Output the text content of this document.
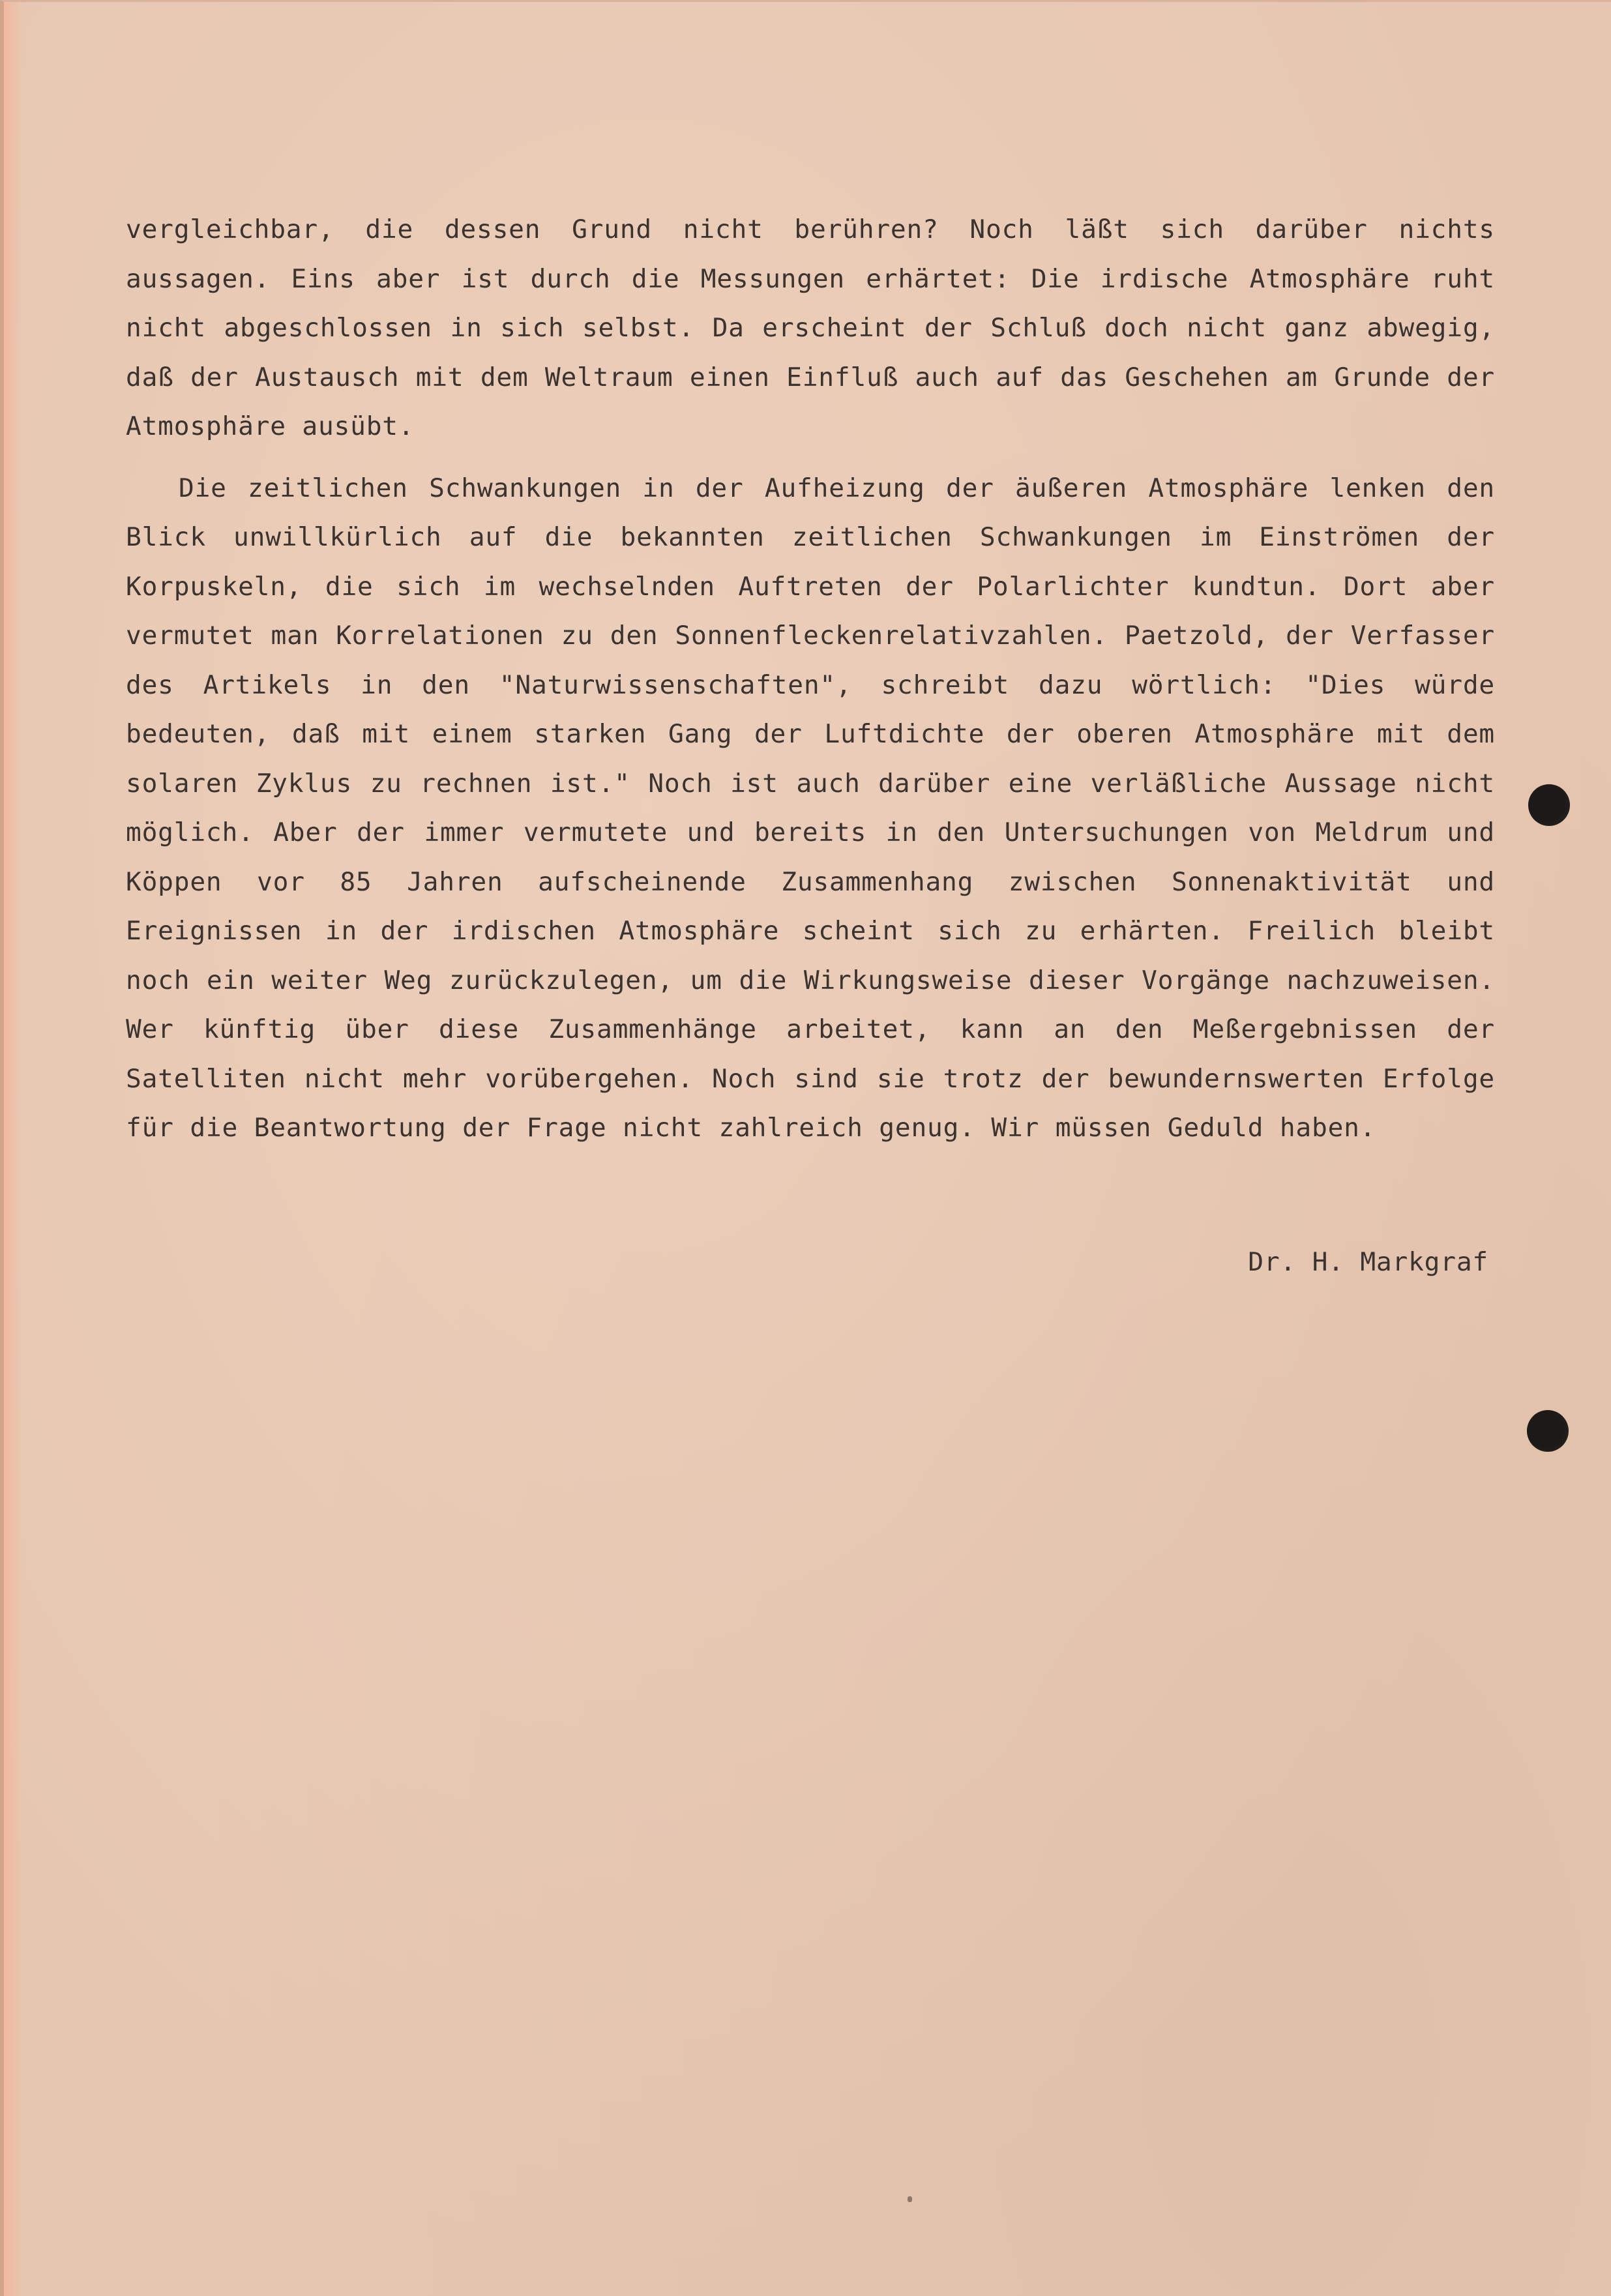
vergleichbar, die dessen Grund nicht berühren? Noch läßt sich darüber nichts aussagen. Eins aber ist durch die Messungen erhärtet: Die irdische Atmosphäre ruht nicht abgeschlossen in sich selbst. Da erscheint der Schluß doch nicht ganz abwegig, daß der Austausch mit dem Weltraum einen Einfluß auch auf das Geschehen am Grunde der Atmosphäre ausübt.

Die zeitlichen Schwankungen in der Aufheizung der äußeren Atmosphäre lenken den Blick unwillkürlich auf die bekannten zeitlichen Schwankungen im Einströmen der Korpuskeln, die sich im wechselnden Auftreten der Polarlichter kundtun. Dort aber vermutet man Korrelationen zu den Sonnenfleckenrelativzahlen. Paetzold, der Verfasser des Artikels in den "Naturwissenschaften", schreibt dazu wörtlich: "Dies würde bedeuten, daß mit einem starken Gang der Luftdichte der oberen Atmosphäre mit dem solaren Zyklus zu rechnen ist." Noch ist auch darüber eine verläßliche Aussage nicht möglich. Aber der immer vermutete und bereits in den Untersuchungen von Meldrum und Köppen vor 85 Jahren aufscheinende Zusammenhang zwischen Sonnenaktivität und Ereignissen in der irdischen Atmosphäre scheint sich zu erhärten. Freilich bleibt noch ein weiter Weg zurückzulegen, um die Wirkungsweise dieser Vorgänge nachzuweisen. Wer künftig über diese Zusammenhänge arbeitet, kann an den Meßergebnissen der Satelliten nicht mehr vorübergehen. Noch sind sie trotz der bewundernswerten Erfolge für die Beantwortung der Frage nicht zahlreich genug. Wir müssen Geduld haben.

Dr. H. Markgraf
